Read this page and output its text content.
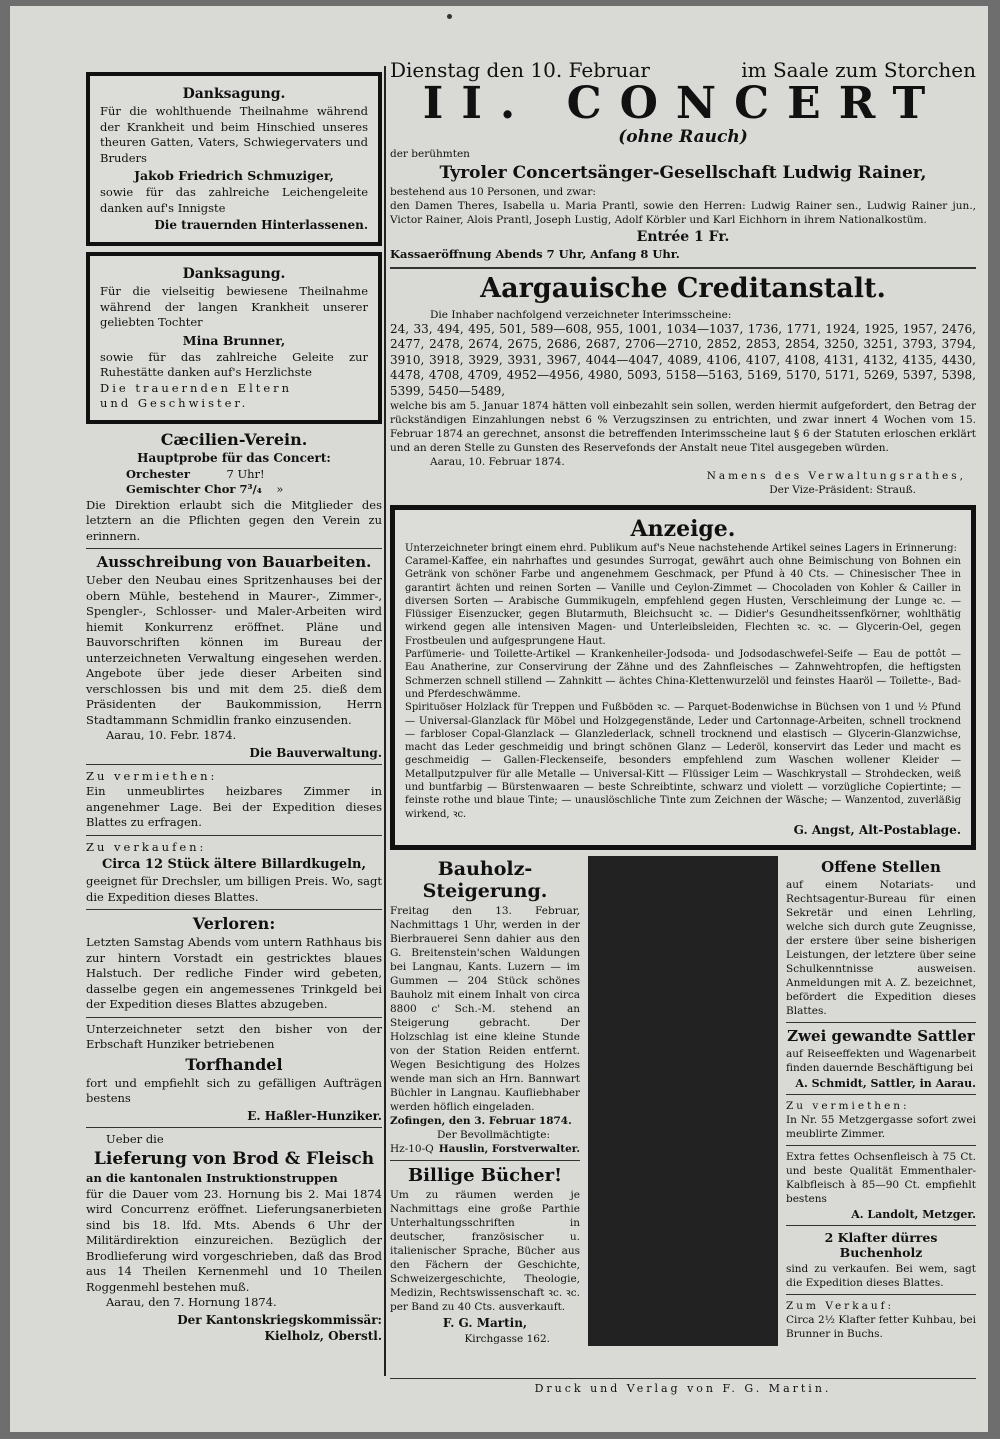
Danksagung.

Für die wohlthuende Theilnahme während der Krankheit und beim Hinschied unseres theuren Gatten, Vaters, Schwiegervaters und Bruders

Jakob Friedrich Schmuziger,

sowie für das zahlreiche Leichengeleite danken auf's Innigste

Die trauernden Hinterlassenen.

Danksagung.

Für die vielseitig bewiesene Theilnahme während der langen Krankheit unserer geliebten Tochter

Mina Brunner,

sowie für das zahlreiche Geleite zur Ruhestätte danken auf's Herzlichste

Die trauernden Eltern

und Geschwister.

Cæcilien-Verein.

Hauptprobe für das Concert:

Orchester	7 Uhr!

Gemischter Chor 7³/₄ »

Die Direktion erlaubt sich die Mitglieder des letztern an die Pflichten gegen den Verein zu erinnern.

Ausschreibung von Bauarbeiten.

Ueber den Neubau eines Spritzenhauses bei der obern Mühle, bestehend in Maurer-, Zimmer-, Spengler-, Schlosser- und Maler-Arbeiten wird hiemit Konkurrenz eröffnet. Pläne und Bauvorschriften können im Bureau der unterzeichneten Verwaltung eingesehen werden. Angebote über jede dieser Arbeiten sind verschlossen bis und mit dem 25. dieß dem Präsidenten der Baukommission, Herrn Stadtammann Schmidlin franko einzusenden.

Aarau, 10. Febr. 1874.

Die Bauverwaltung.

Zu vermiethen:

Ein unmeublirtes heizbares Zimmer in angenehmer Lage. Bei der Expedition dieses Blattes zu erfragen.

Zu verkaufen:

Circa 12 Stück ältere Billardkugeln,

geeignet für Drechsler, um billigen Preis. Wo, sagt die Expedition dieses Blattes.

Verloren:

Letzten Samstag Abends vom untern Rathhaus bis zur hintern Vorstadt ein gestricktes blaues Halstuch. Der redliche Finder wird gebeten, dasselbe gegen ein angemessenes Trinkgeld bei der Expedition dieses Blattes abzugeben.

Unterzeichneter setzt den bisher von der Erbschaft Hunziker betriebenen

Torfhandel

fort und empfiehlt sich zu gefälligen Aufträgen bestens

E. Haßler-Hunziker.

Ueber die

Lieferung von Brod & Fleisch

an die kantonalen Instruktionstruppen

für die Dauer vom 23. Hornung bis 2. Mai 1874 wird Concurrenz eröffnet. Lieferungsanerbieten sind bis 18. lfd. Mts. Abends 6 Uhr der Militärdirektion einzureichen. Bezüglich der Brodlieferung wird vorgeschrieben, daß das Brod aus 14 Theilen Kernenmehl und 10 Theilen Roggenmehl bestehen muß.

Aarau, den 7. Hornung 1874.

Der Kantonskriegskommissär:

Kielholz, Oberstl.

Dienstag den 10. Februar	im Saale zum Storchen

II. CONCERT

(ohne Rauch)

der berühmten

Tyroler Concertsänger-Gesellschaft Ludwig Rainer,

bestehend aus 10 Personen, und zwar:

den Damen Theres, Isabella u. Maria Prantl, sowie den Herren: Ludwig Rainer sen., Ludwig Rainer jun., Victor Rainer, Alois Prantl, Joseph Lustig, Adolf Körbler und Karl Eichhorn in ihrem Nationalkostüm.

Entrée 1 Fr.

Kassaeröffnung Abends 7 Uhr, Anfang 8 Uhr.

Aargauische Creditanstalt.

Die Inhaber nachfolgend verzeichneter Interimsscheine:

24, 33, 494, 495, 501, 589—608, 955, 1001, 1034—1037, 1736, 1771, 1924, 1925, 1957, 2476, 2477, 2478, 2674, 2675, 2686, 2687, 2706—2710, 2852, 2853, 2854, 3250, 3251, 3793, 3794, 3910, 3918, 3929, 3931, 3967, 4044—4047, 4089, 4106, 4107, 4108, 4131, 4132, 4135, 4430, 4478, 4708, 4709, 4952—4956, 4980, 5093, 5158—5163, 5169, 5170, 5171, 5269, 5397, 5398, 5399, 5450—5489,

welche bis am 5. Januar 1874 hätten voll einbezahlt sein sollen, werden hiermit aufgefordert, den Betrag der rückständigen Einzahlungen nebst 6 % Verzugszinsen zu entrichten, und zwar innert 4 Wochen vom 15. Februar 1874 an gerechnet, ansonst die betreffenden Interimsscheine laut § 6 der Statuten erloschen erklärt und an deren Stelle zu Gunsten des Reservefonds der Anstalt neue Titel ausgegeben würden.

Aarau, 10. Februar 1874.

Namens des Verwaltungsrathes,

Der Vize-Präsident: Strauß.

Anzeige.

Unterzeichneter bringt einem ehrd. Publikum auf's Neue nachstehende Artikel seines Lagers in Erinnerung:

Caramel-Kaffee, ein nahrhaftes und gesundes Surrogat, gewährt auch ohne Beimischung von Bohnen ein Getränk von schöner Farbe und angenehmem Geschmack, per Pfund à 40 Cts. — Chinesischer Thee in garantirt ächten und reinen Sorten — Vanille und Ceylon-Zimmet — Chocoladen von Kohler & Cailler in diversen Sorten — Arabische Gummikugeln, empfehlend gegen Husten, Verschleimung der Lunge ꝛc. — Flüssiger Eisenzucker, gegen Blutarmuth, Bleichsucht ꝛc. — Didier's Gesundheitssenfkörner, wohlthätig wirkend gegen alle intensiven Magen- und Unterleibsleiden, Flechten ꝛc. ꝛc. — Glycerin-Oel, gegen Frostbeulen und aufgesprungene Haut.

Parfümerie- und Toilette-Artikel — Krankenheiler-Jodsoda- und Jodsodaschwefel-Seife — Eau de pottôt — Eau Anatherine, zur Conservirung der Zähne und des Zahnfleisches — Zahnwehtropfen, die heftigsten Schmerzen schnell stillend — Zahnkitt — ächtes China-Klettenwurzelöl und feinstes Haaröl — Toilette-, Bad- und Pferdeschwämme.

Spirituöser Holzlack für Treppen und Fußböden ꝛc. — Parquet-Bodenwichse in Büchsen von 1 und ½ Pfund — Universal-Glanzlack für Möbel und Holzgegenstände, Leder und Cartonnage-Arbeiten, schnell trocknend — farbloser Copal-Glanzlack — Glanzlederlack, schnell trocknend und elastisch — Glycerin-Glanzwichse, macht das Leder geschmeidig und bringt schönen Glanz — Lederöl, konservirt das Leder und macht es geschmeidig — Gallen-Fleckenseife, besonders empfehlend zum Waschen wollener Kleider — Metallputzpulver für alle Metalle — Universal-Kitt — Flüssiger Leim — Waschkrystall — Strohdecken, weiß und buntfarbig — Bürstenwaaren — beste Schreibtinte, schwarz und violett — vorzügliche Copiertinte; — feinste rothe und blaue Tinte; — unauslöschliche Tinte zum Zeichnen der Wäsche; — Wanzentod, zuverläßig wirkend, ꝛc.

G. Angst, Alt-Postablage.

Bauholz-Steigerung.

Freitag den 13. Februar, Nachmittags 1 Uhr, werden in der Bierbrauerei Senn dahier aus den G. Breitenstein'schen Waldungen bei Langnau, Kants. Luzern — im Gummen — 204 Stück schönes Bauholz mit einem Inhalt von circa 8800 c' Sch.-M. stehend an Steigerung gebracht. Der Holzschlag ist eine kleine Stunde von der Station Reiden entfernt. Wegen Besichtigung des Holzes wende man sich an Hrn. Bannwart Büchler in Langnau. Kaufliebhaber werden höflich eingeladen.

Zofingen, den 3. Februar 1874.

Der Bevollmächtigte:

Hz-10-Q Hauslin, Forstverwalter.

Billige Bücher!

Um zu räumen werden je Nachmittags eine große Parthie Unterhaltungsschriften in deutscher, französischer u. italienischer Sprache, Bücher aus den Fächern der Geschichte, Schweizergeschichte, Theologie, Medizin, Rechtswissenschaft ꝛc. ꝛc. per Band zu 40 Cts. ausverkauft.

F. G. Martin,

Kirchgasse 162.

Offene Stellen

auf einem Notariats- und Rechtsagentur-Bureau für einen Sekretär und einen Lehrling, welche sich durch gute Zeugnisse, der erstere über seine bisherigen Leistungen, der letztere über seine Schulkenntnisse ausweisen. Anmeldungen mit A. Z. bezeichnet, befördert die Expedition dieses Blattes.

Zwei gewandte Sattler

auf Reiseeffekten und Wagenarbeit finden dauernde Beschäftigung bei

A. Schmidt, Sattler, in Aarau.

Zu vermiethen:

In Nr. 55 Metzgergasse sofort zwei meublirte Zimmer.

Extra fettes Ochsenfleisch à 75 Ct. und beste Qualität Emmenthaler-Kalbfleisch à 85—90 Ct. empfiehlt bestens

A. Landolt, Metzger.

2 Klafter dürres Buchenholz

sind zu verkaufen. Bei wem, sagt die Expedition dieses Blattes.

Zum Verkauf:

Circa 2½ Klafter fetter Kuhbau, bei Brunner in Buchs.

Druck und Verlag von F. G. Martin.
